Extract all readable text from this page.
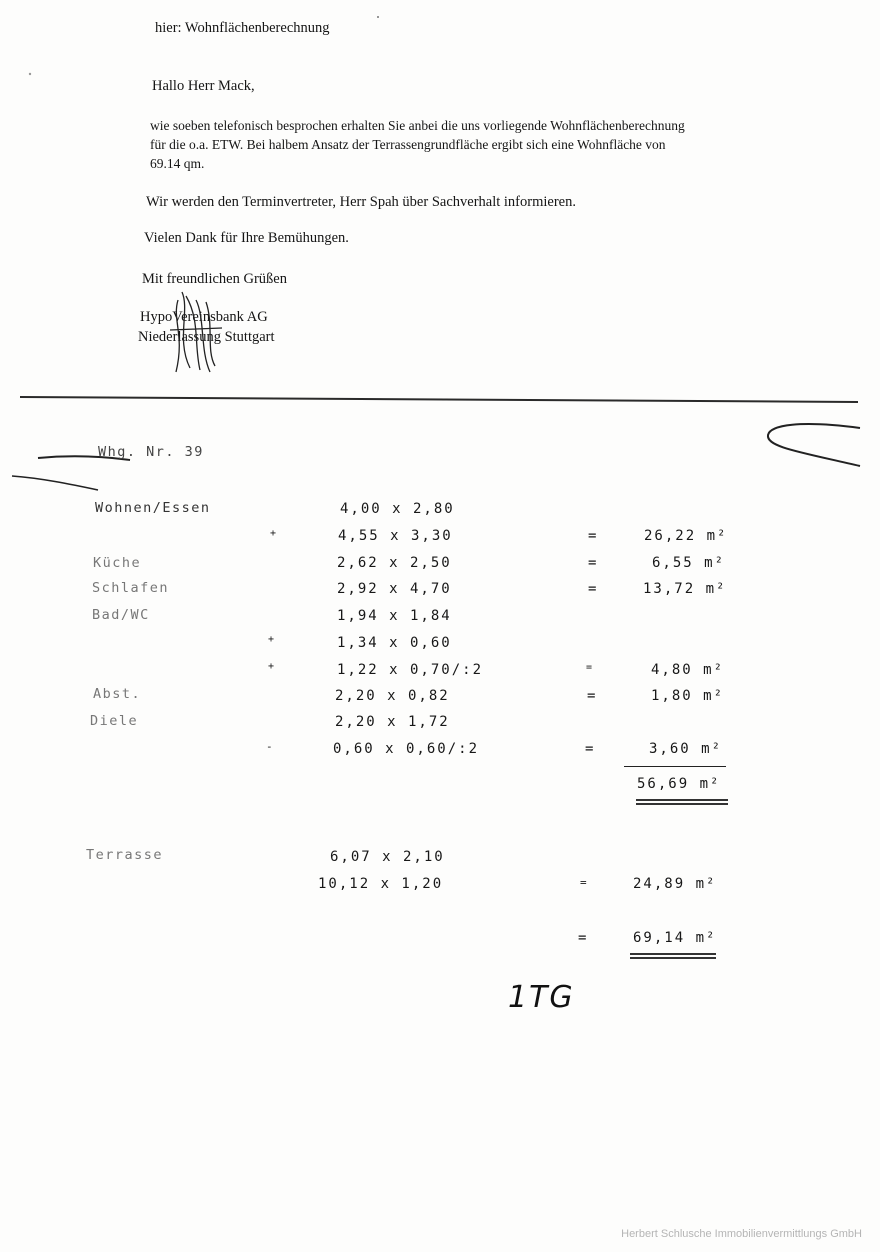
hier: Wohnflächenberechnung
Hallo Herr Mack,
wie soeben telefonisch besprochen erhalten Sie anbei die uns vorliegende Wohnflächenberechnung
für die o.a. ETW. Bei halbem Ansatz der Terrassengrundfläche ergibt sich eine Wohnfläche von
69.14 qm.
Wir werden den Terminvertreter, Herr Spah über Sachverhalt informieren.
Vielen Dank für Ihre Bemühungen.
Mit freundlichen Grüßen
HypoVereinsbank AG
Niederlassung Stuttgart
Whg. Nr. 39
Wohnen/Essen	4,00 x 2,80
+	4,55 x 3,30	=	26,22 m²
Küche	2,62 x 2,50	=	6,55 m²
Schlafen	2,92 x 4,70	=	13,72 m²
Bad/WC	1,94 x 1,84
+	1,34 x 0,60
+	1,22 x 0,70/:2	=	4,80 m²
Abst.	2,20 x 0,82	=	1,80 m²
Diele	2,20 x 1,72
-	0,60 x 0,60/:2	=	3,60 m²
56,69 m²
Terrasse	6,07 x 2,10
10,12 x 1,20	=	24,89 m²
=	69,14 m²
1TG
Herbert Schlusche Immobilienvermittlungs GmbH
